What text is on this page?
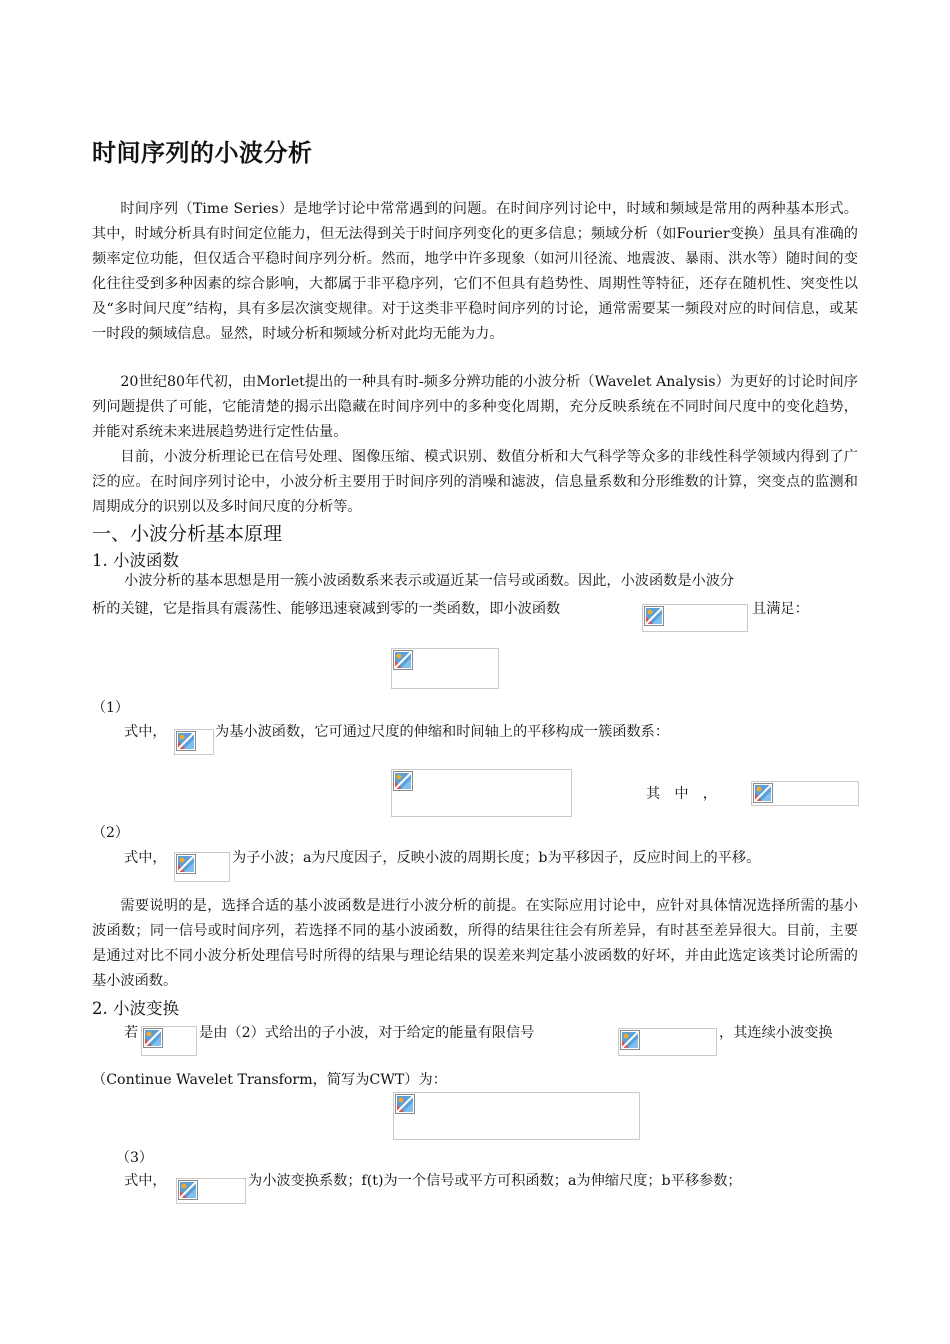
时间序列的小波分析

时间序列（Time Series）是地学讨论中常常遇到的问题。在时间序列讨论中，时域和频域是常用的两种基本形式。其中，时域分析具有时间定位能力，但无法得到关于时间序列变化的更多信息；频域分析（如Fourier变换）虽具有准确的频率定位功能，但仅适合平稳时间序列分析。然而，地学中许多现象（如河川径流、地震波、暴雨、洪水等）随时间的变化往往受到多种因素的综合影响，大都属于非平稳序列，它们不但具有趋势性、周期性等特征，还存在随机性、突变性以及“多时间尺度”结构，具有多层次演变规律。对于这类非平稳时间序列的讨论，通常需要某一频段对应的时间信息，或某一时段的频域信息。显然，时域分析和频域分析对此均无能为力。

20世纪80年代初，由Morlet提出的一种具有时-频多分辨功能的小波分析（Wavelet Analysis）为更好的讨论时间序列问题提供了可能，它能清楚的揭示出隐藏在时间序列中的多种变化周期，充分反映系统在不同时间尺度中的变化趋势，并能对系统未来进展趋势进行定性估量。

目前，小波分析理论已在信号处理、图像压缩、模式识别、数值分析和大气科学等众多的非线性科学领域内得到了广泛的应。在时间序列讨论中，小波分析主要用于时间序列的消噪和滤波，信息量系数和分形维数的计算，突变点的监测和周期成分的识别以及多时间尺度的分析等。

一、小波分析基本原理
1. 小波函数
小波分析的基本思想是用一簇小波函数系来表示或逼近某一信号或函数。因此，小波函数是小波分
析的关键，它是指具有震荡性、能够迅速衰减到零的一类函数，即小波函数	且满足：
（1）
式中，	为基小波函数，它可通过尺度的伸缩和时间轴上的平移构成一簇函数系：
其　中　，
（2）
式中，	为子小波；a为尺度因子，反映小波的周期长度；b为平移因子，反应时间上的平移。

需要说明的是，选择合适的基小波函数是进行小波分析的前提。在实际应用讨论中，应针对具体情况选择所需的基小波函数；同一信号或时间序列，若选择不同的基小波函数，所得的结果往往会有所差异，有时甚至差异很大。目前，主要是通过对比不同小波分析处理信号时所得的结果与理论结果的误差来判定基小波函数的好坏，并由此选定该类讨论所需的基小波函数。

2. 小波变换
若	是由（2）式给出的子小波，对于给定的能量有限信号	，其连续小波变换
（Continue Wavelet Transform，简写为CWT）为：
（3）
式中，	为小波变换系数；f(t)为一个信号或平方可积函数；a为伸缩尺度；b平移参数；
